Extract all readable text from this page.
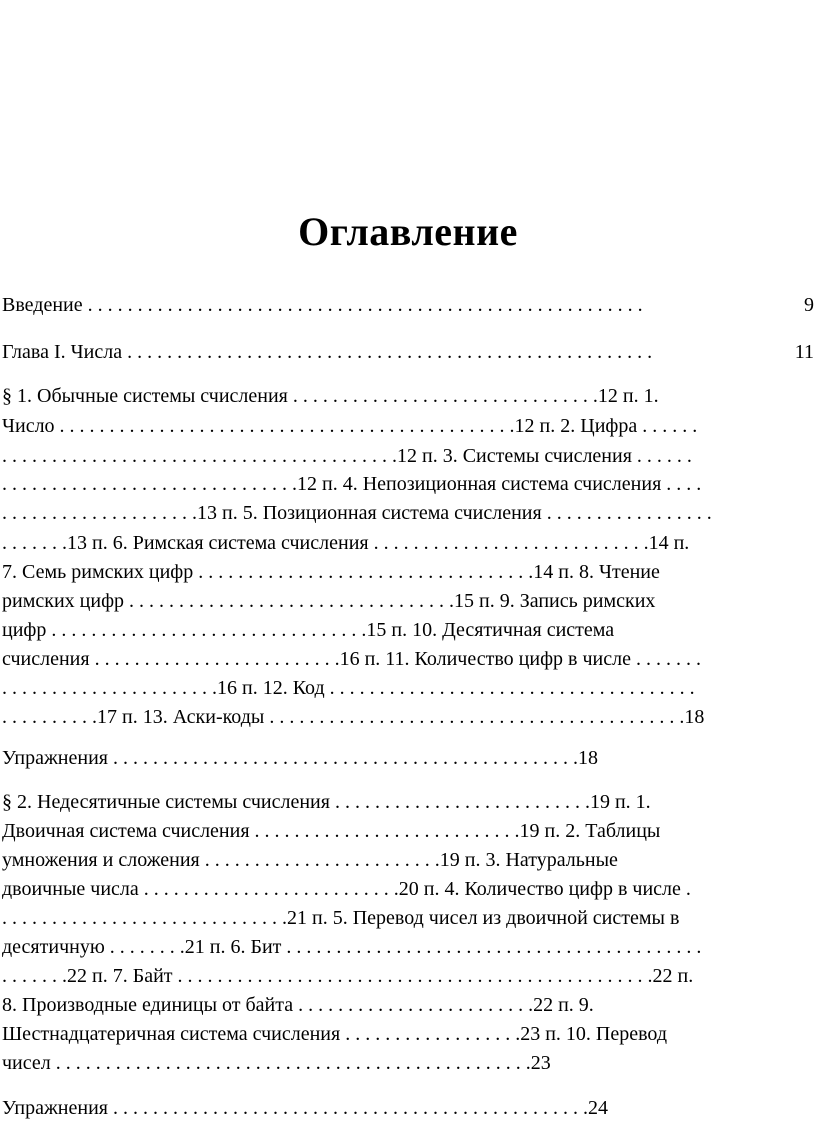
Оглавление
Введение . . . . . . . . . . . . . . . . . . . . . . . . . . . . . . . . . . . . . . . . . . . . . . . . . . . . . . . .	9
Глава I. Числа . . . . . . . . . . . . . . . . . . . . . . . . . . . . . . . . . . . . . . . . . . . . . . . . . . . . .	11
§ 1. Обычные системы счисления . . . . . . . . . . . . . . . . . . . . . . . . . . . . . . .12 п. 1.
Число . . . . . . . . . . . . . . . . . . . . . . . . . . . . . . . . . . . . . . . . . . . . . .12 п. 2. Цифра . . . . . .
. . . . . . . . . . . . . . . . . . . . . . . . . . . . . . . . . . . . . . . .12 п. 3. Системы счисления . . . . . .
. . . . . . . . . . . . . . . . . . . . . . . . . . . . . .12 п. 4. Непозиционная система счисления . . . .
. . . . . . . . . . . . . . . . . . . .13 п. 5. Позиционная система счисления . . . . . . . . . . . . . . . . .
. . . . . . .13 п. 6. Римская система счисления . . . . . . . . . . . . . . . . . . . . . . . . . . . .14 п.
7. Семь римских цифр . . . . . . . . . . . . . . . . . . . . . . . . . . . . . . . . . .14 п. 8. Чтение
римских цифр . . . . . . . . . . . . . . . . . . . . . . . . . . . . . . . . .15 п. 9. Запись римских
цифр . . . . . . . . . . . . . . . . . . . . . . . . . . . . . . . .15 п. 10. Десятичная система
счисления . . . . . . . . . . . . . . . . . . . . . . . . .16 п. 11. Количество цифр в числе . . . . . . .
. . . . . . . . . . . . . . . . . . . . . .16 п. 12. Код . . . . . . . . . . . . . . . . . . . . . . . . . . . . . . . . . . . . .
. . . . . . . . . .17 п. 13. Аски-коды . . . . . . . . . . . . . . . . . . . . . . . . . . . . . . . . . . . . . . . . . .18
Упражнения . . . . . . . . . . . . . . . . . . . . . . . . . . . . . . . . . . . . . . . . . . . . . . .18
§ 2. Недесятичные системы счисления . . . . . . . . . . . . . . . . . . . . . . . . . .19 п. 1.
Двоичная система счисления . . . . . . . . . . . . . . . . . . . . . . . . . . .19 п. 2. Таблицы
умножения и сложения . . . . . . . . . . . . . . . . . . . . . . . .19 п. 3. Натуральные
двоичные числа . . . . . . . . . . . . . . . . . . . . . . . . . .20 п. 4. Количество цифр в числе .
. . . . . . . . . . . . . . . . . . . . . . . . . . . . .21 п. 5. Перевод чисел из двоичной системы в
десятичную . . . . . . . .21 п. 6. Бит . . . . . . . . . . . . . . . . . . . . . . . . . . . . . . . . . . . . . . . . . .
. . . . . . .22 п. 7. Байт . . . . . . . . . . . . . . . . . . . . . . . . . . . . . . . . . . . . . . . . . . . . . . . .22 п.
8. Производные единицы от байта . . . . . . . . . . . . . . . . . . . . . . . .22 п. 9.
Шестнадцатеричная система счисления . . . . . . . . . . . . . . . . . .23 п. 10. Перевод
чисел . . . . . . . . . . . . . . . . . . . . . . . . . . . . . . . . . . . . . . . . . . . . . . . .23
Упражнения . . . . . . . . . . . . . . . . . . . . . . . . . . . . . . . . . . . . . . . . . . . . . . . .24
